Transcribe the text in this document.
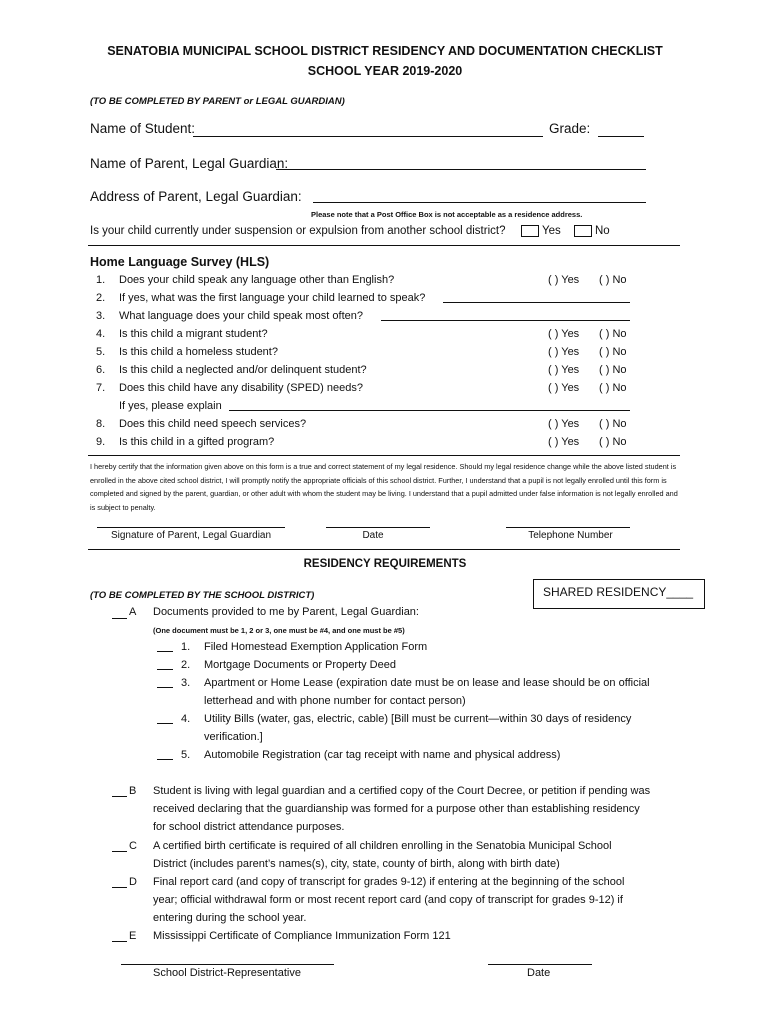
SENATOBIA MUNICIPAL SCHOOL DISTRICT RESIDENCY AND DOCUMENTATION CHECKLIST
SCHOOL YEAR 2019-2020
(TO BE COMPLETED BY PARENT or LEGAL GUARDIAN)
Name of Student:	Grade:
Name of Parent, Legal Guardian:
Address of Parent, Legal Guardian:
Please note that a Post Office Box is not acceptable as a residence address.
Is your child currently under suspension or expulsion from another school district?	Yes	No
Home Language Survey (HLS)
1. Does your child speak any language other than English?	( ) Yes ( ) No
2. If yes, what was the first language your child learned to speak?
3. What language does your child speak most often?
4. Is this child a migrant student?	( ) Yes ( ) No
5. Is this child a homeless student?	( ) Yes ( ) No
6. Is this child a neglected and/or delinquent student?	( ) Yes ( ) No
7. Does this child have any disability (SPED) needs?	( ) Yes ( ) No
If yes, please explain
8. Does this child need speech services?	( ) Yes ( ) No
9. Is this child in a gifted program?	( ) Yes ( ) No
I hereby certify that the information given above on this form is a true and correct statement of my legal residence. Should my legal residence change while the above listed student is enrolled in the above cited school district, I will promptly notify the appropriate officials of this school district. Further, I understand that a pupil is not legally enrolled until this form is completed and signed by the parent, guardian, or other adult with whom the student may be living. I understand that a pupil admitted under false information is not legally enrolled and is subject to penalty.
Signature of Parent, Legal Guardian	Date	Telephone Number
RESIDENCY REQUIREMENTS
(TO BE COMPLETED BY THE SCHOOL DISTRICT)	SHARED RESIDENCY____
A Documents provided to me by Parent, Legal Guardian:
(One document must be 1, 2 or 3, one must be #4, and one must be #5)
1. Filed Homestead Exemption Application Form
2. Mortgage Documents or Property Deed
3. Apartment or Home Lease (expiration date must be on lease and lease should be on official
letterhead and with phone number for contact person)
4. Utility Bills (water, gas, electric, cable) [Bill must be current—within 30 days of residency
verification.]
5. Automobile Registration (car tag receipt with name and physical address)
B Student is living with legal guardian and a certified copy of the Court Decree, or petition if pending was
received declaring that the guardianship was formed for a purpose other than establishing residency
for school district attendance purposes.
C A certified birth certificate is required of all children enrolling in the Senatobia Municipal School
District (includes parent’s names(s), city, state, county of birth, along with birth date)
D Final report card (and copy of transcript for grades 9-12) if entering at the beginning of the school
year; official withdrawal form or most recent report card (and copy of transcript for grades 9-12) if
entering during the school year.
E Mississippi Certificate of Compliance Immunization Form 121
School District-Representative	Date
